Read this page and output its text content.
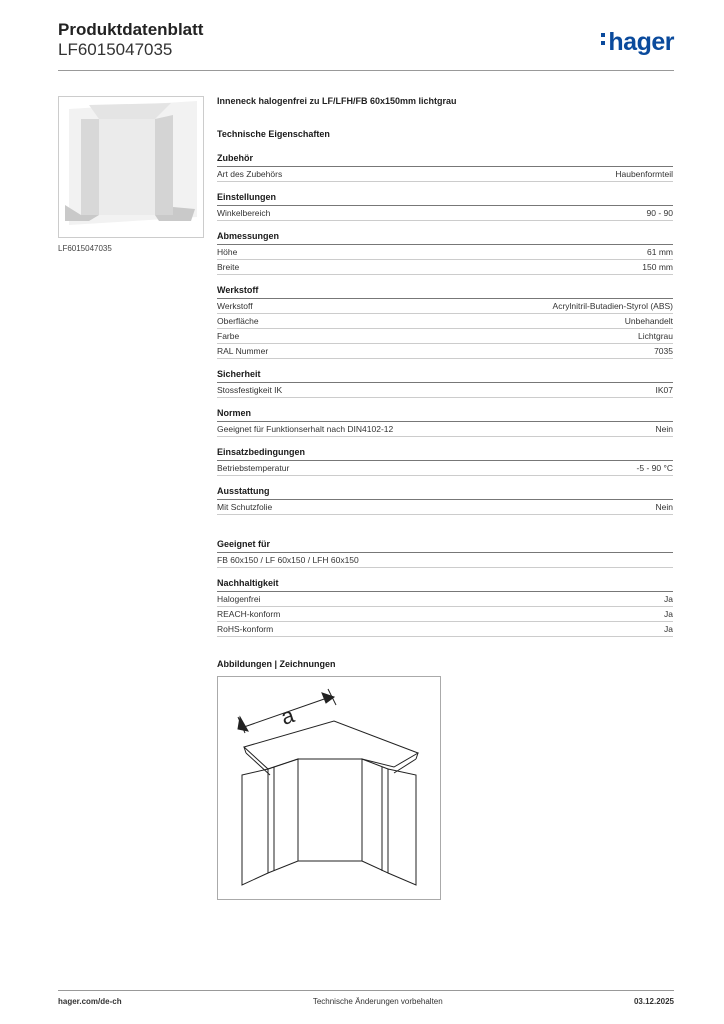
Produktdatenblatt
LF6015047035	hager
LF6015047035
Inneneck halogenfrei zu LF/LFH/FB 60x150mm lichtgrau
Technische Eigenschaften
Zubehör
Art des Zubehörs	Haubenformteil
Einstellungen
Winkelbereich	90 - 90
Abmessungen
Höhe	61 mm
Breite	150 mm
Werkstoff
Werkstoff	Acrylnitril-Butadien-Styrol (ABS)
Oberfläche	Unbehandelt
Farbe	Lichtgrau
RAL Nummer	7035
Sicherheit
Stossfestigkeit IK	IK07
Normen
Geeignet für Funktionserhalt nach DIN4102-12	Nein
Einsatzbedingungen
Betriebstemperatur	-5 - 90 °C
Ausstattung
Mit Schutzfolie	Nein
Geeignet für
FB 60x150 / LF 60x150 / LFH 60x150
Nachhaltigkeit
Halogenfrei	Ja
REACH-konform	Ja
RoHS-konform	Ja
Abbildungen | Zeichnungen
a
hager.com/de-ch	Technische Änderungen vorbehalten	03.12.2025
